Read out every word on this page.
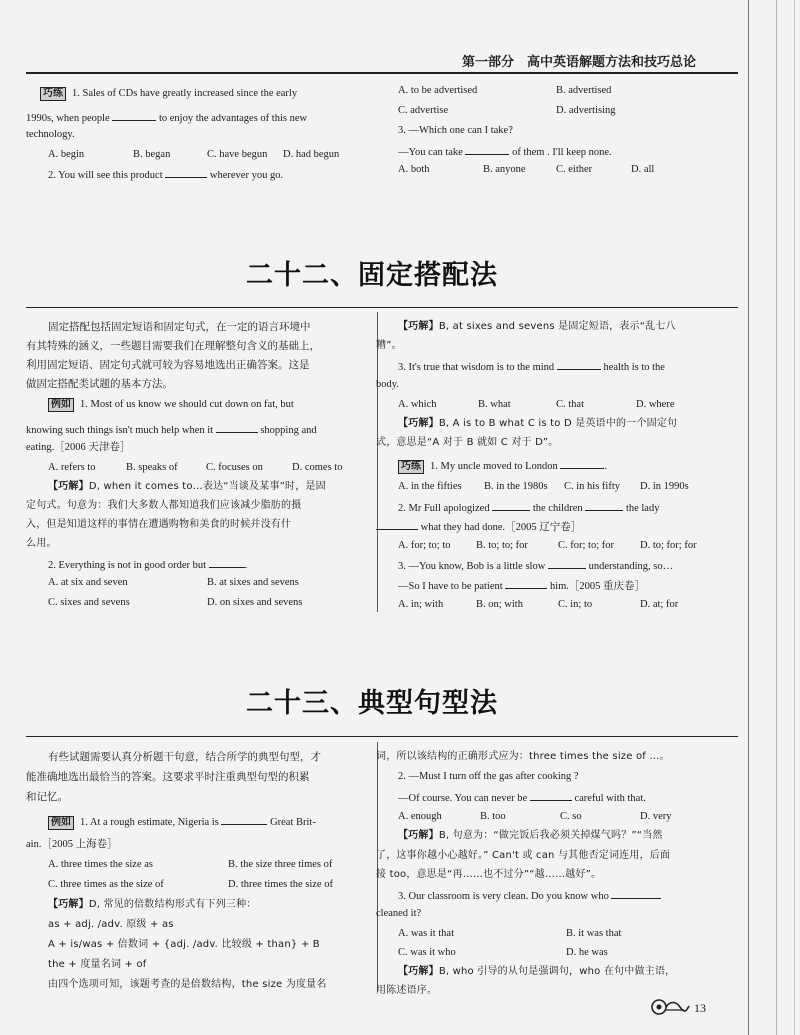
第一部分　高中英语解题方法和技巧总论
巧练 1. Sales of CDs have greatly increased since the early
1990s, when people	to enjoy the advantages of this new
technology.
A. begin	B. began	C. have begun D. had begun
2. You will see this product	wherever you go.
A. to be advertised	B. advertised
C. advertise	D. advertising
3. —Which one can I take?
—You can take	of them . I'll keep none.
A. both	B. anyone	C. either	D. all
二十二、固定搭配法
固定搭配包括固定短语和固定句式，在一定的语言环境中
有其特殊的涵义，一些题目需要我们在理解整句含义的基础上，
利用固定短语、固定句式就可较为容易地选出正确答案。这是
做固定搭配类试题的基本方法。
例如 1. Most of us know we should cut down on fat, but
knowing such things isn't much help when it	shopping and
eating.［2006 天津卷］
A. refers to	B. speaks of	C. focuses on	D. comes to
【巧解】D, when it comes to…表达“当谈及某事”时，是固
定句式。句意为：我们大多数人都知道我们应该减少脂肪的摄
入，但是知道这样的事情在遭遇购物和美食的时候并没有什
么用。
2. Everything is not in good order but	.
A. at six and seven	B. at sixes and sevens
C. sixes and sevens	D. on sixes and sevens
【巧解】B, at sixes and sevens 是固定短语，表示“乱七八
糟”。
3. It's true that wisdom is to the mind	health is to the
body.
A. which	B. what	C. that	D. where
【巧解】B, A is to B what C is to D 是英语中的一个固定句
式，意思是“A 对于 B 就如 C 对于 D”。
巧练 1. My uncle moved to London	.
A. in the fifties B. in the 1980s C. in his fifty D. in 1990s
2. Mr Full apologized	the children	the lady
what they had done.［2005 辽宁卷］
A. for; to; to B. to; to; for	C. for; to; for D. to; for; for
3. —You know, Bob is a little slow	understanding, so…
—So I have to be patient	him.［2005 重庆卷］
A. in; with	B. on; with	C. in; to	D. at; for
二十三、典型句型法
有些试题需要认真分析题干句意，结合所学的典型句型，才
能准确地选出最恰当的答案。这要求平时注重典型句型的积累
和记忆。
例如 1. At a rough estimate, Nigeria is	Great Brit-
ain.［2005 上海卷］
A. three times the size as	B. the size three times of
C. three times as the size of	D. three times the size of
【巧解】D, 常见的倍数结构形式有下列三种：
as + adj. /adv. 原级 + as
A + is/was + 倍数词 + {adj. /adv. 比较级 + than} + B
the + 度量名词 + of
由四个选项可知，该题考查的是倍数结构，the size 为度量名
词，所以该结构的正确形式应为：three times the size of …。
2. —Must I turn off the gas after cooking ?
—Of course. You can never be	careful with that.
A. enough	B. too	C. so	D. very
【巧解】B, 句意为：“做完饭后我必须关掉煤气吗？”“当然
了，这事你越小心越好。” Can't 或 can 与其他否定词连用，后面
接 too，意思是“再……也不过分”“越……越好”。
3. Our classroom is very clean. Do you know who
cleaned it?
A. was it that	B. it was that
C. was it who	D. he was
【巧解】B, who 引导的从句是强调句，who 在句中做主语，
用陈述语序。
13
